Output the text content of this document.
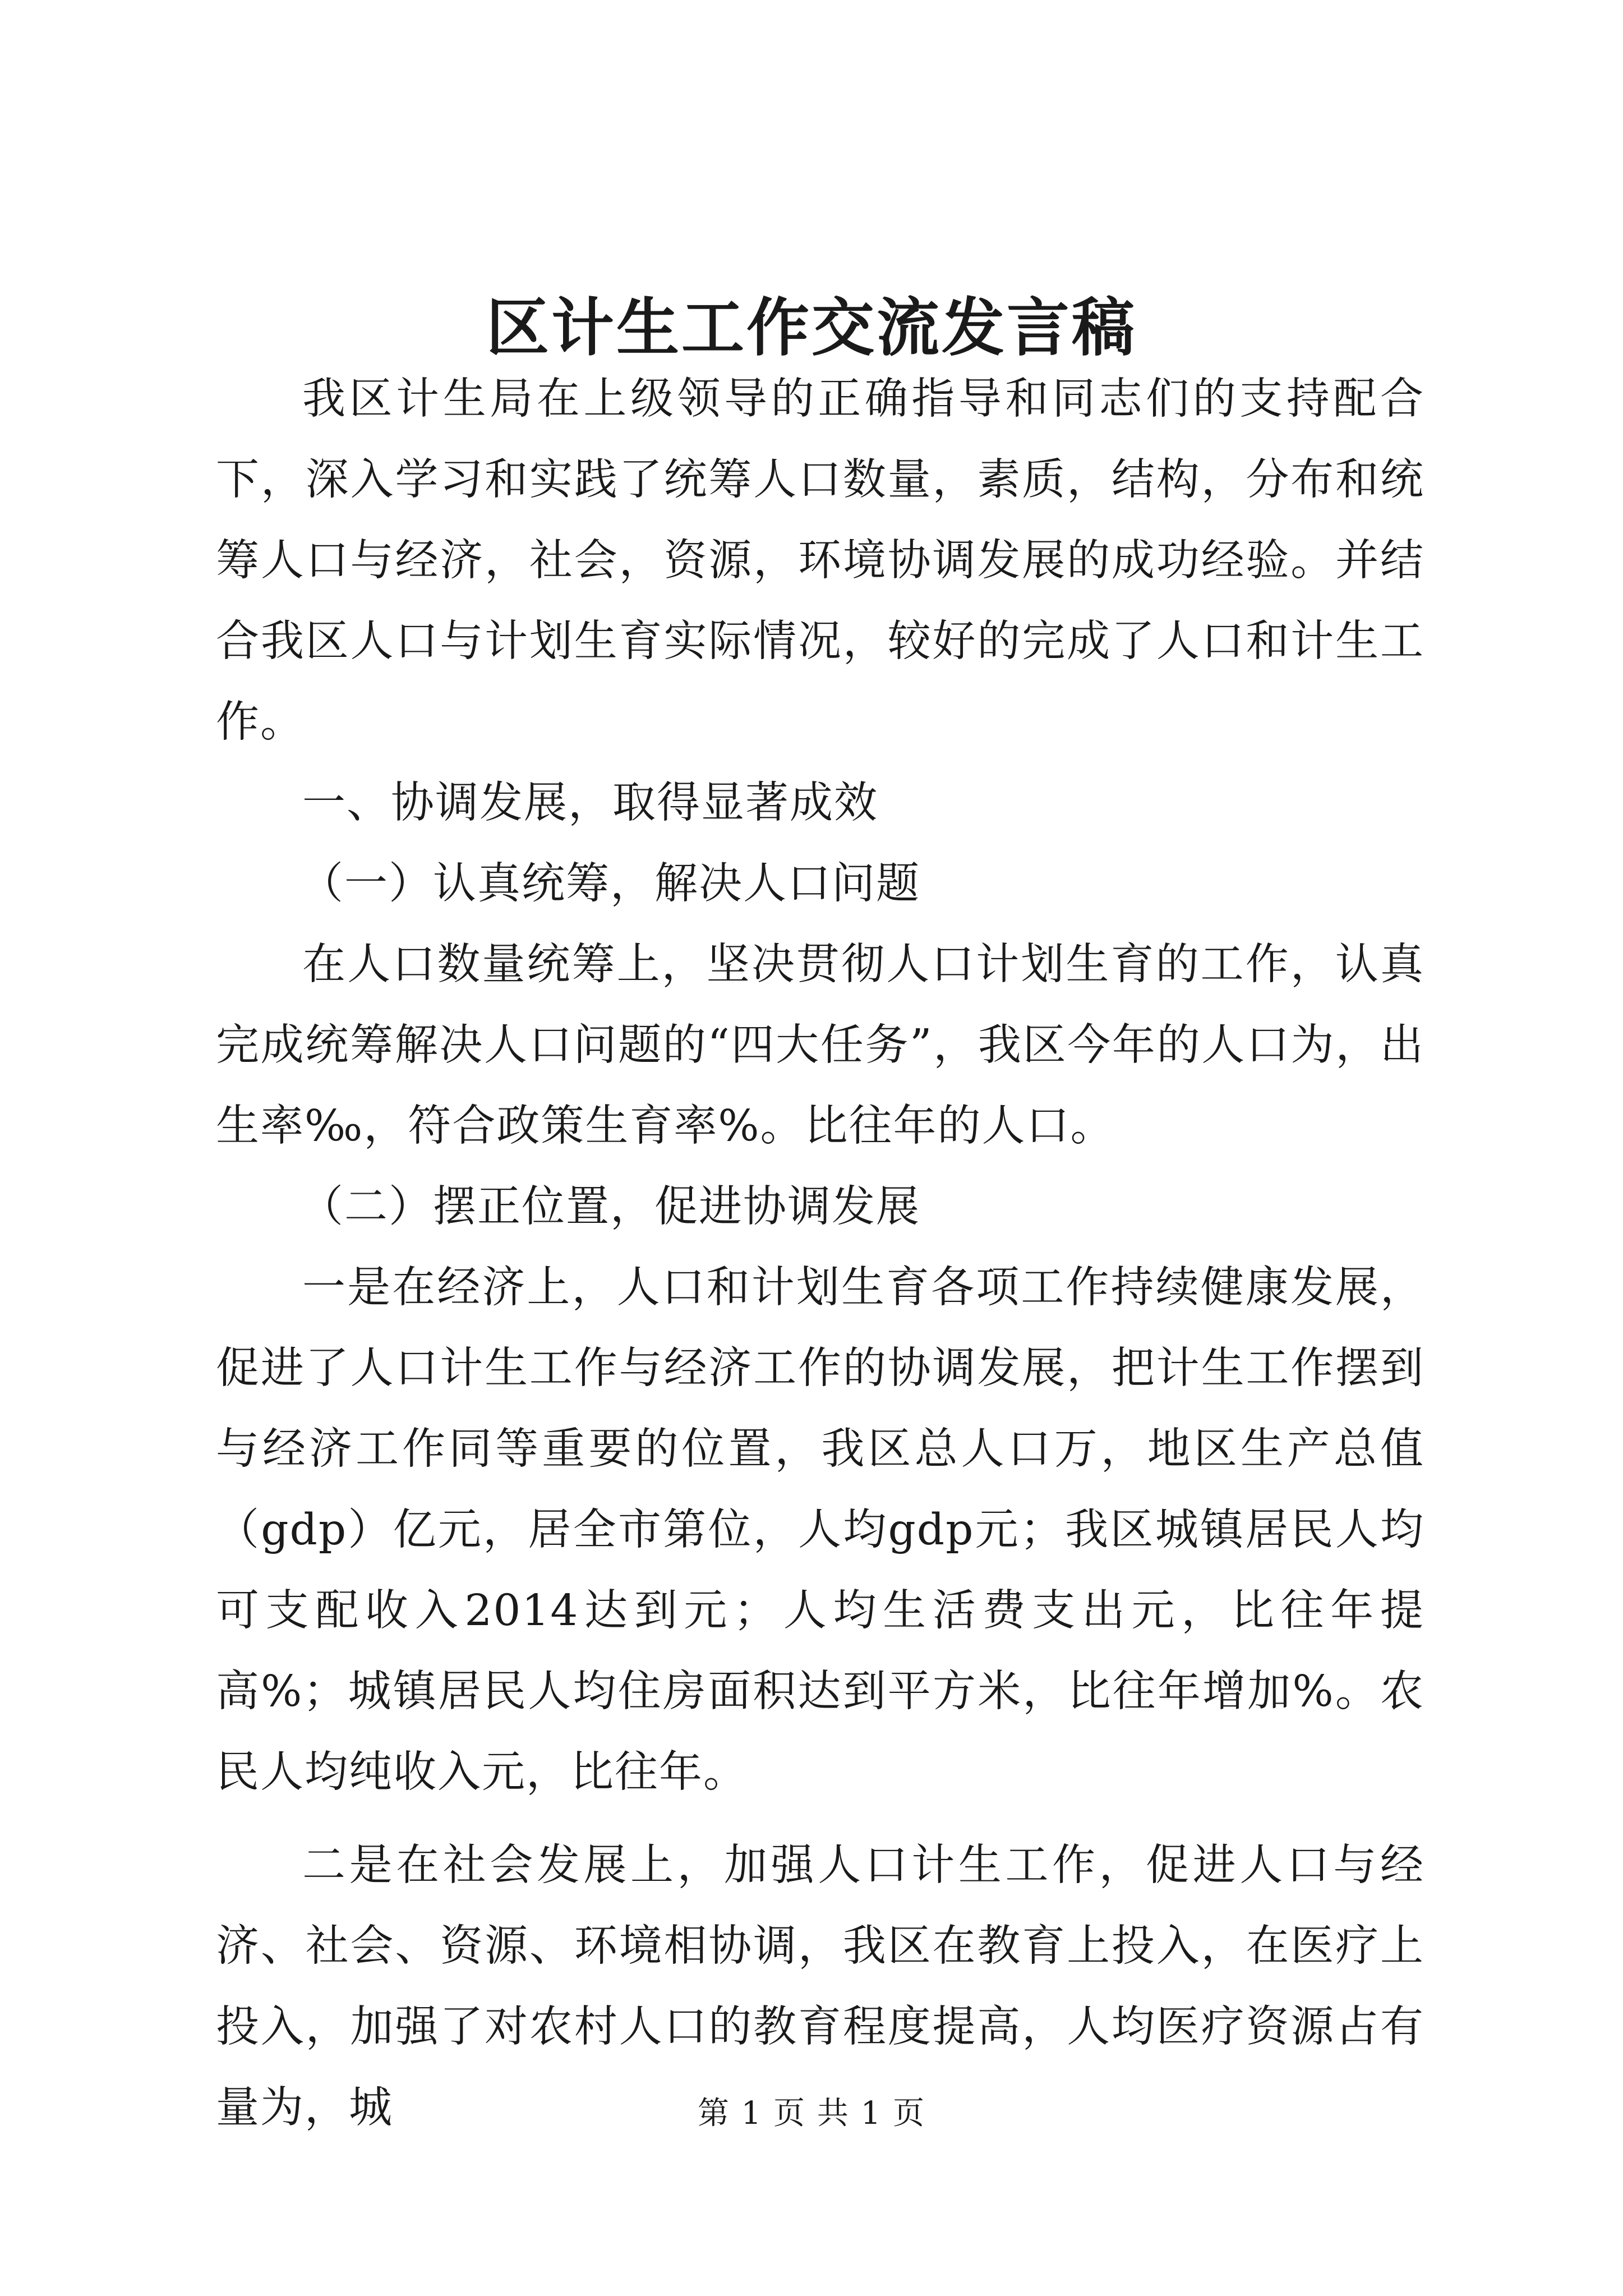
区计生工作交流发言稿

我区计生局在上级领导的正确指导和同志们的支持配合下，深入学习和实践了统筹人口数量，素质，结构，分布和统筹人口与经济，社会，资源，环境协调发展的成功经验。并结合我区人口与计划生育实际情况，较好的完成了人口和计生工作。

一、协调发展，取得显著成效

（一）认真统筹，解决人口问题

在人口数量统筹上，坚决贯彻人口计划生育的工作，认真完成统筹解决人口问题的“四大任务”，我区今年的人口为，出生率‰，符合政策生育率%。比往年的人口。

（二）摆正位置，促进协调发展

一是在经济上，人口和计划生育各项工作持续健康发展，促进了人口计生工作与经济工作的协调发展，把计生工作摆到与经济工作同等重要的位置，我区总人口万，地区生产总值（gdp）亿元，居全市第位，人均gdp元；我区城镇居民人均可支配收入2014达到元；人均生活费支出元，比往年提高%；城镇居民人均住房面积达到平方米，比往年增加%。农民人均纯收入元，比往年。

二是在社会发展上，加强人口计生工作，促进人口与经济、社会、资源、环境相协调，我区在教育上投入，在医疗上投入，加强了对农村人口的教育程度提高，人均医疗资源占有量为，城	第 1 页 共 1 页
